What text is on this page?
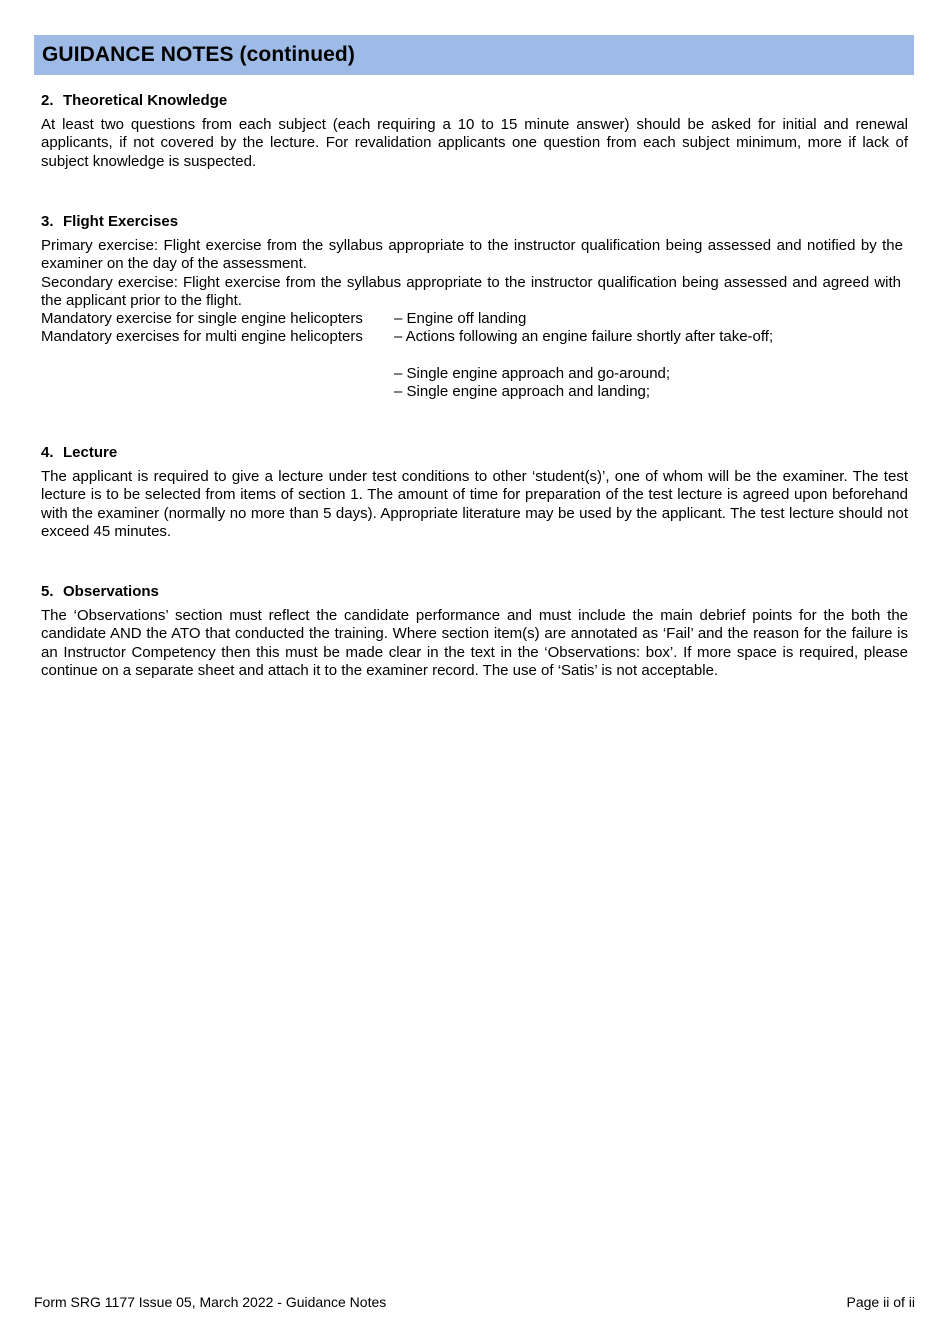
GUIDANCE NOTES (continued)
2. Theoretical Knowledge

At least two questions from each subject (each requiring a 10 to 15 minute answer) should be asked for initial and renewal applicants, if not covered by the lecture. For revalidation applicants one question from each subject minimum, more if lack of subject knowledge is suspected.

3. Flight Exercises

Primary exercise: Flight exercise from the syllabus appropriate to the instructor qualification being assessed and notified by the examiner on the day of the assessment.

Secondary exercise: Flight exercise from the syllabus appropriate to the instructor qualification being assessed and agreed with the applicant prior to the flight.

Mandatory exercise for single engine helicopters	– Engine off landing
Mandatory exercises for multi engine helicopters	– Actions following an engine failure shortly after take-off;
– Single engine approach and go-around;
– Single engine approach and landing;
4. Lecture

The applicant is required to give a lecture under test conditions to other ‘student(s)’, one of whom will be the examiner. The test lecture is to be selected from items of section 1. The amount of time for preparation of the test lecture is agreed upon beforehand with the examiner (normally no more than 5 days). Appropriate literature may be used by the applicant. The test lecture should not exceed 45 minutes.

5. Observations

The ‘Observations’ section must reflect the candidate performance and must include the main debrief points for the both the candidate AND the ATO that conducted the training. Where section item(s) are annotated as ‘Fail’ and the reason for the failure is an Instructor Competency then this must be made clear in the text in the ‘Observations: box’. If more space is required, please continue on a separate sheet and attach it to the examiner record. The use of ‘Satis’ is not acceptable.

Form SRG 1177 Issue 05, March 2022 - Guidance Notes	Page ii of ii
